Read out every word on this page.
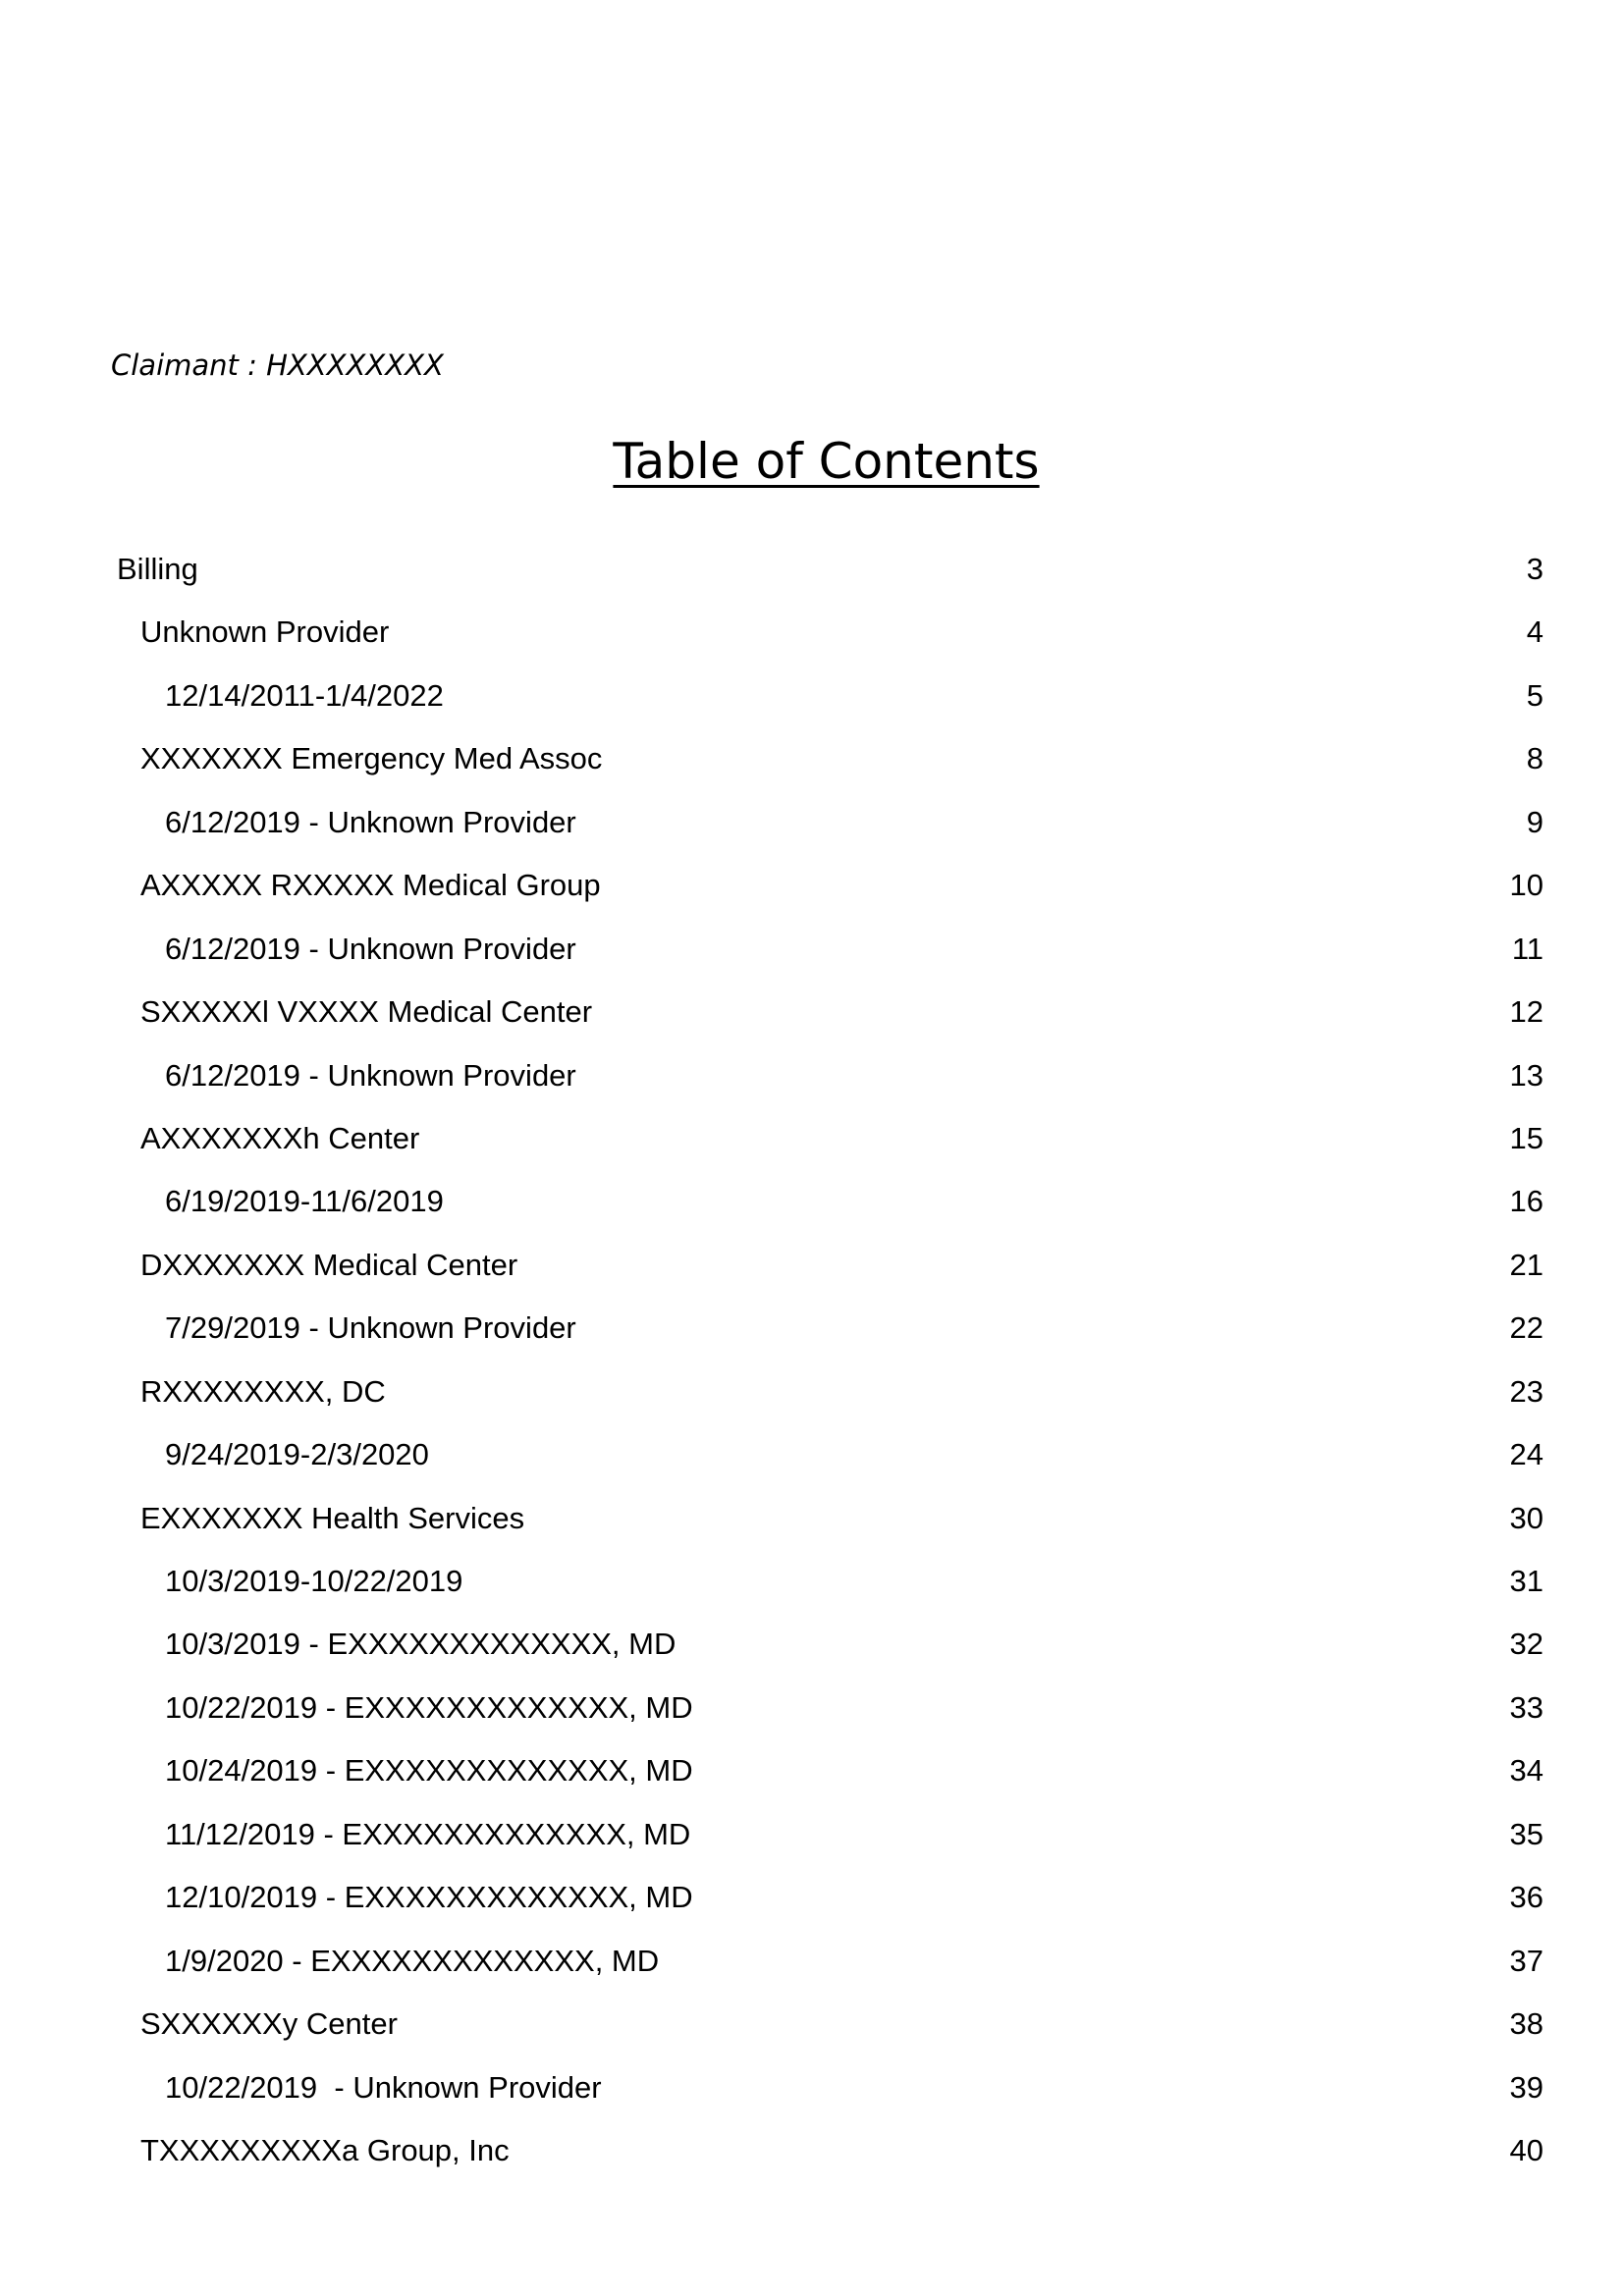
Claimant : HXXXXXXXX
Table of Contents
Billing	3
Unknown Provider	4
12/14/2011-1/4/2022	5
XXXXXXX Emergency Med Assoc	8
6/12/2019 - Unknown Provider	9
AXXXXX RXXXXX Medical Group	10
6/12/2019 - Unknown Provider	11
SXXXXXl VXXXX Medical Center	12
6/12/2019 - Unknown Provider	13
AXXXXXXXh Center	15
6/19/2019-11/6/2019	16
DXXXXXXX Medical Center	21
7/29/2019 - Unknown Provider	22
RXXXXXXXX, DC	23
9/24/2019-2/3/2020	24
EXXXXXXX Health Services	30
10/3/2019-10/22/2019	31
10/3/2019 - EXXXXXXXXXXXXX, MD	32
10/22/2019 - EXXXXXXXXXXXXX, MD	33
10/24/2019 - EXXXXXXXXXXXXX, MD	34
11/12/2019 - EXXXXXXXXXXXXX, MD	35
12/10/2019 - EXXXXXXXXXXXXX, MD	36
1/9/2020 - EXXXXXXXXXXXXX, MD	37
SXXXXXXy Center	38
10/22/2019  - Unknown Provider	39
TXXXXXXXXXa Group, Inc	40
